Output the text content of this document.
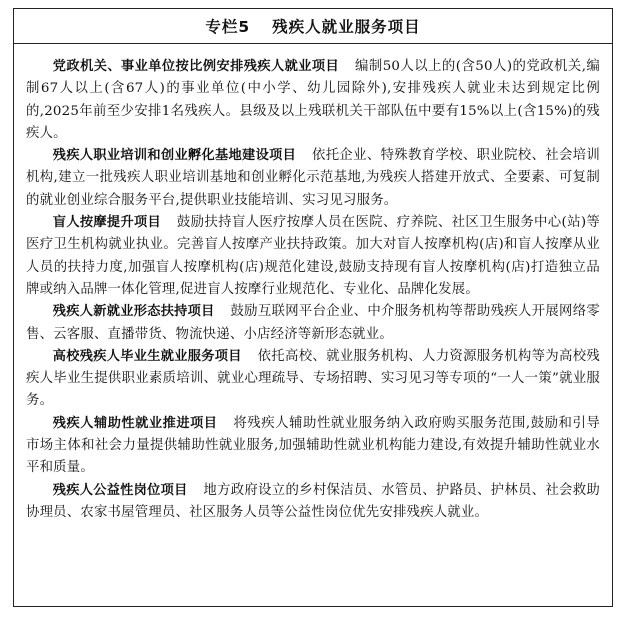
专栏5 残疾人就业服务项目

党政机关、事业单位按比例安排残疾人就业项目 编制50人以上的(含50人)的党政机关,编制67人以上(含67人)的事业单位(中小学、幼儿园除外),安排残疾人就业未达到规定比例的,2025年前至少安排1名残疾人。县级及以上残联机关干部队伍中要有15%以上(含15%)的残疾人。

残疾人职业培训和创业孵化基地建设项目 依托企业、特殊教育学校、职业院校、社会培训机构,建立一批残疾人职业培训基地和创业孵化示范基地,为残疾人搭建开放式、全要素、可复制的就业创业综合服务平台,提供职业技能培训、实习见习服务。

盲人按摩提升项目 鼓励扶持盲人医疗按摩人员在医院、疗养院、社区卫生服务中心(站)等医疗卫生机构就业执业。完善盲人按摩产业扶持政策。加大对盲人按摩机构(店)和盲人按摩从业人员的扶持力度,加强盲人按摩机构(店)规范化建设,鼓励支持现有盲人按摩机构(店)打造独立品牌或纳入品牌一体化管理,促进盲人按摩行业规范化、专业化、品牌化发展。

残疾人新就业形态扶持项目 鼓励互联网平台企业、中介服务机构等帮助残疾人开展网络零售、云客服、直播带货、物流快递、小店经济等新形态就业。

高校残疾人毕业生就业服务项目 依托高校、就业服务机构、人力资源服务机构等为高校残疾人毕业生提供职业素质培训、就业心理疏导、专场招聘、实习见习等专项的“一人一策”就业服务。

残疾人辅助性就业推进项目 将残疾人辅助性就业服务纳入政府购买服务范围,鼓励和引导市场主体和社会力量提供辅助性就业服务,加强辅助性就业机构能力建设,有效提升辅助性就业水平和质量。

残疾人公益性岗位项目 地方政府设立的乡村保洁员、水管员、护路员、护林员、社会救助协理员、农家书屋管理员、社区服务人员等公益性岗位优先安排残疾人就业。
